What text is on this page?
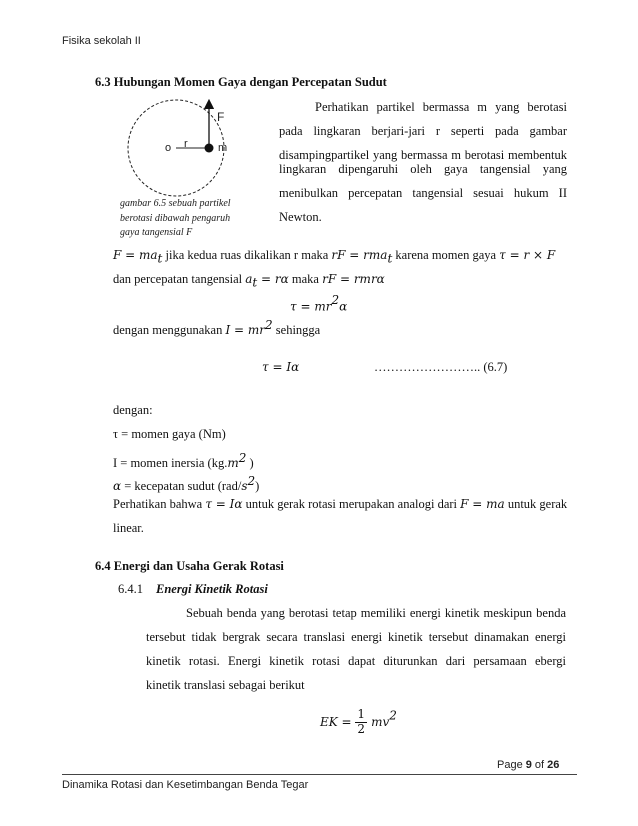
Fisika sekolah II
6.3 Hubungan Momen Gaya dengan Percepatan Sudut
F
r
o	m
gambar 6.5 sebuah partikel
berotasi dibawah pengaruh
gaya tangensial F
Perhatikan partikel bermassa m yang berotasi
pada lingkaran berjari-jari r seperti pada gambar
disampingpartikel yang bermassa m berotasi membentuk
lingkaran dipengaruhi oleh gaya tangensial yang
menibulkan percepatan tangensial sesuai hukum II
Newton.
$F = ma_t$ jika kedua ruas dikalikan r maka rF = rma$_t$ karena momen gaya τ = r × F
dan percepatan tangensial $a_t = r\alpha$ maka rF = rmrα
$\tau = mr^2\alpha$
dengan menggunakan $I = mr^2$ sehingga
τ = Iα	…………………….. (6.7)
dengan:
τ = momen gaya (Nm)
I = momen inersia ($kg.m^2$ )
α = kecepatan sudut $(rad/s^2)$
Perhatikan bahwa τ = Iα untuk gerak rotasi merupakan analogi dari F = ma untuk gerak
linear.
6.4 Energi dan Usaha Gerak Rotasi
6.4.1 Energi Kinetik Rotasi
Sebuah benda yang berotasi tetap memiliki energi kinetik meskipun benda
tersebut tidak bergrak secara translasi energi kinetik tersebut dinamakan energi
kinetik rotasi. Energi kinetik rotasi dapat diturunkan dari persamaan ebergi
kinetik translasi sebagai berikut
EK = $\frac{1}{2} mv^2$
Page 9 of 26
Dinamika Rotasi dan Kesetimbangan Benda Tegar
